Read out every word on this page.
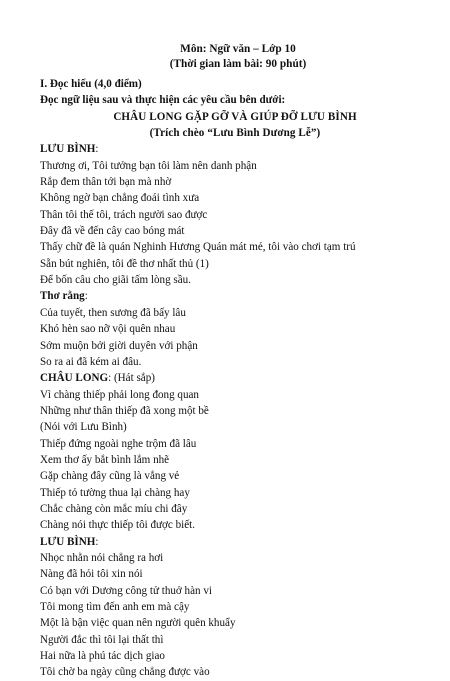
Môn: Ngữ văn – Lớp 10
(Thời gian làm bài: 90 phút)
I. Đọc hiểu (4,0 điểm)
Đọc ngữ liệu sau và thực hiện các yêu cầu bên dưới:
CHÂU LONG GẶP GỠ VÀ GIÚP ĐỠ LƯU BÌNH
(Trích chèo “Lưu Bình Dương Lễ”)
LƯU BÌNH:
Thương ơi, Tôi tưởng bạn tôi làm nên danh phận
Rắp đem thân tới bạn mà nhờ
Không ngờ bạn chẳng đoái tình xưa
Thân tôi thế tôi, trách người sao được
Đây đã về đến cây cao bóng mát
Thấy chữ đề là quán Nghinh Hương Quán mát mẻ, tôi vào chơi tạm trú
Sẵn bút nghiên, tôi đề thơ nhất thủ (1)
Để bốn câu cho giãi tấm lòng sầu.
Thơ rằng:
Của tuyết, then sương đã bấy lâu
Khó hèn sao nỡ vội quên nhau
Sớm muộn bởi giời duyên với phận
So ra ai đã kém ai đâu.
CHÂU LONG: (Hát sắp)
Vì chàng thiếp phải long đong quan
Những như thân thiếp đã xong một bề
(Nói với Lưu Bình)
Thiếp đứng ngoài nghe trộm đã lâu
Xem thơ ấy bắt bình lắm nhẽ
Gặp chàng đây cũng là vắng vẻ
Thiếp tỏ tường thua lại chàng hay
Chắc chàng còn mắc míu chi đây
Chàng nói thực thiếp tôi được biết.
LƯU BÌNH:
Nhọc nhằn nói chẳng ra hơi
Nàng đã hỏi tôi xin nói
Có bạn với Dương công tử thuở hàn vi
Tôi mong tìm đến anh em mà cậy
Một là bận việc quan nên người quên khuẩy
Người đắc thì tôi lại thất thì
Hai nữa là phú tác dịch giao
Tôi chờ ba ngày cũng chẳng được vào
